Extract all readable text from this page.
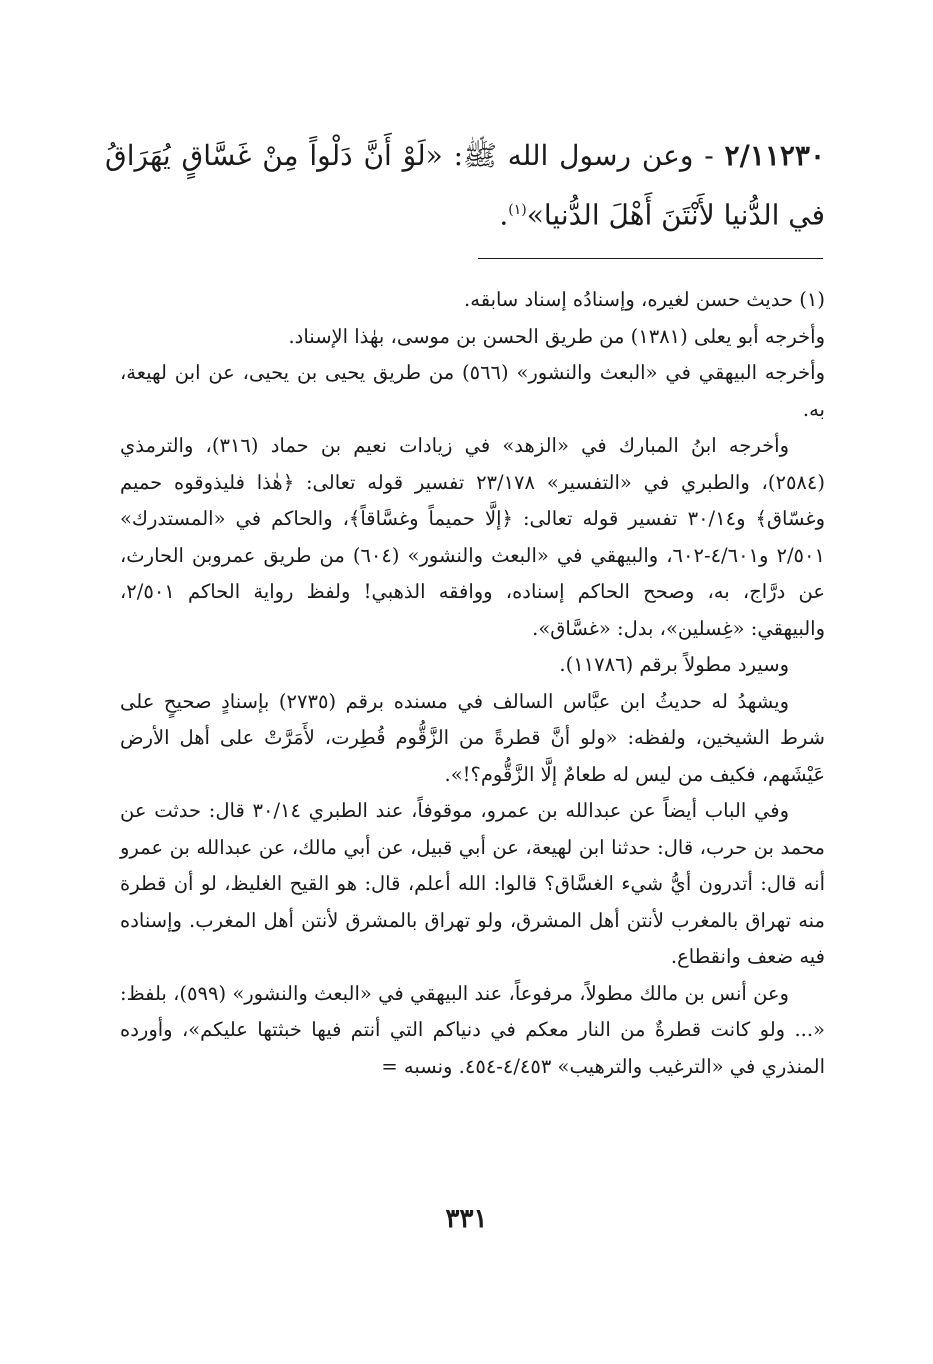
٢/١١٢٣٠ - وعن رسول الله ﷺ: «لَوْ أَنَّ دَلْواً مِنْ غَسَّاقٍ يُهَرَاقُ في الدُّنيا لأَنْتَنَ أَهْلَ الدُّنيا»$^{(١)}$.

(١) حديث حسن لغيره، وإسنادُه إسناد سابقه.

وأخرجه أبو يعلى (١٣٨١) من طريق الحسن بن موسى، بهٰذا الإسناد.

وأخرجه البيهقي في «البعث والنشور» (٥٦٦) من طريق يحيى بن يحيى، عن ابن لهيعة، به.

وأخرجه ابنُ المبارك في «الزهد» في زيادات نعيم بن حماد (٣١٦)، والترمذي (٢٥٨٤)، والطبري في «التفسير» ٢٣/١٧٨ تفسير قوله تعالى: ﴿هٰذا فليذوقوه حميم وغسّاق﴾ و٣٠/١٤ تفسير قوله تعالى: ﴿إلَّا حميماً وغسَّاقاً﴾، والحاكم في «المستدرك» ٢/٥٠١ و٤/٦٠١-٦٠٢، والبيهقي في «البعث والنشور» (٦٠٤) من طريق عمروبن الحارث، عن درَّاج، به، وصحح الحاكم إسناده، ووافقه الذهبي! ولفظ رواية الحاكم ٢/٥٠١، والبيهقي: «غِسلين»، بدل: «غسَّاق».

وسيرد مطولاً برقم (١١٧٨٦).

ويشهدُ له حديثُ ابن عبَّاس السالف في مسنده برقم (٢٧٣٥) بإسنادٍ صحيحٍ على شرط الشيخين، ولفظه: «ولو أنَّ قطرةً من الزَّقُّوم قُطِرت، لأَمَرَّتْ على أهل الأرض عَيْشَهم، فكيف من ليس له طعامٌ إلَّا الزَّقُّوم؟!».

وفي الباب أيضاً عن عبدالله بن عمرو، موقوفاً، عند الطبري ٣٠/١٤ قال: حدثت عن محمد بن حرب، قال: حدثنا ابن لهيعة، عن أبي قبيل، عن أبي مالك، عن عبدالله بن عمرو أنه قال: أتدرون أيُّ شيء الغسَّاق؟ قالوا: الله أعلم، قال: هو القيح الغليظ، لو أن قطرة منه تهراق بالمغرب لأنتن أهل المشرق، ولو تهراق بالمشرق لأنتن أهل المغرب. وإسناده فيه ضعف وانقطاع.

وعن أنس بن مالك مطولاً، مرفوعاً، عند البيهقي في «البعث والنشور» (٥٩٩)، بلفظ: «... ولو كانت قطرةٌ من النار معكم في دنياكم التي أنتم فيها خبثتها عليكم»، وأورده المنذري في «الترغيب والترهيب» ٤/٤٥٣-٤٥٤. ونسبه =

٣٣١
